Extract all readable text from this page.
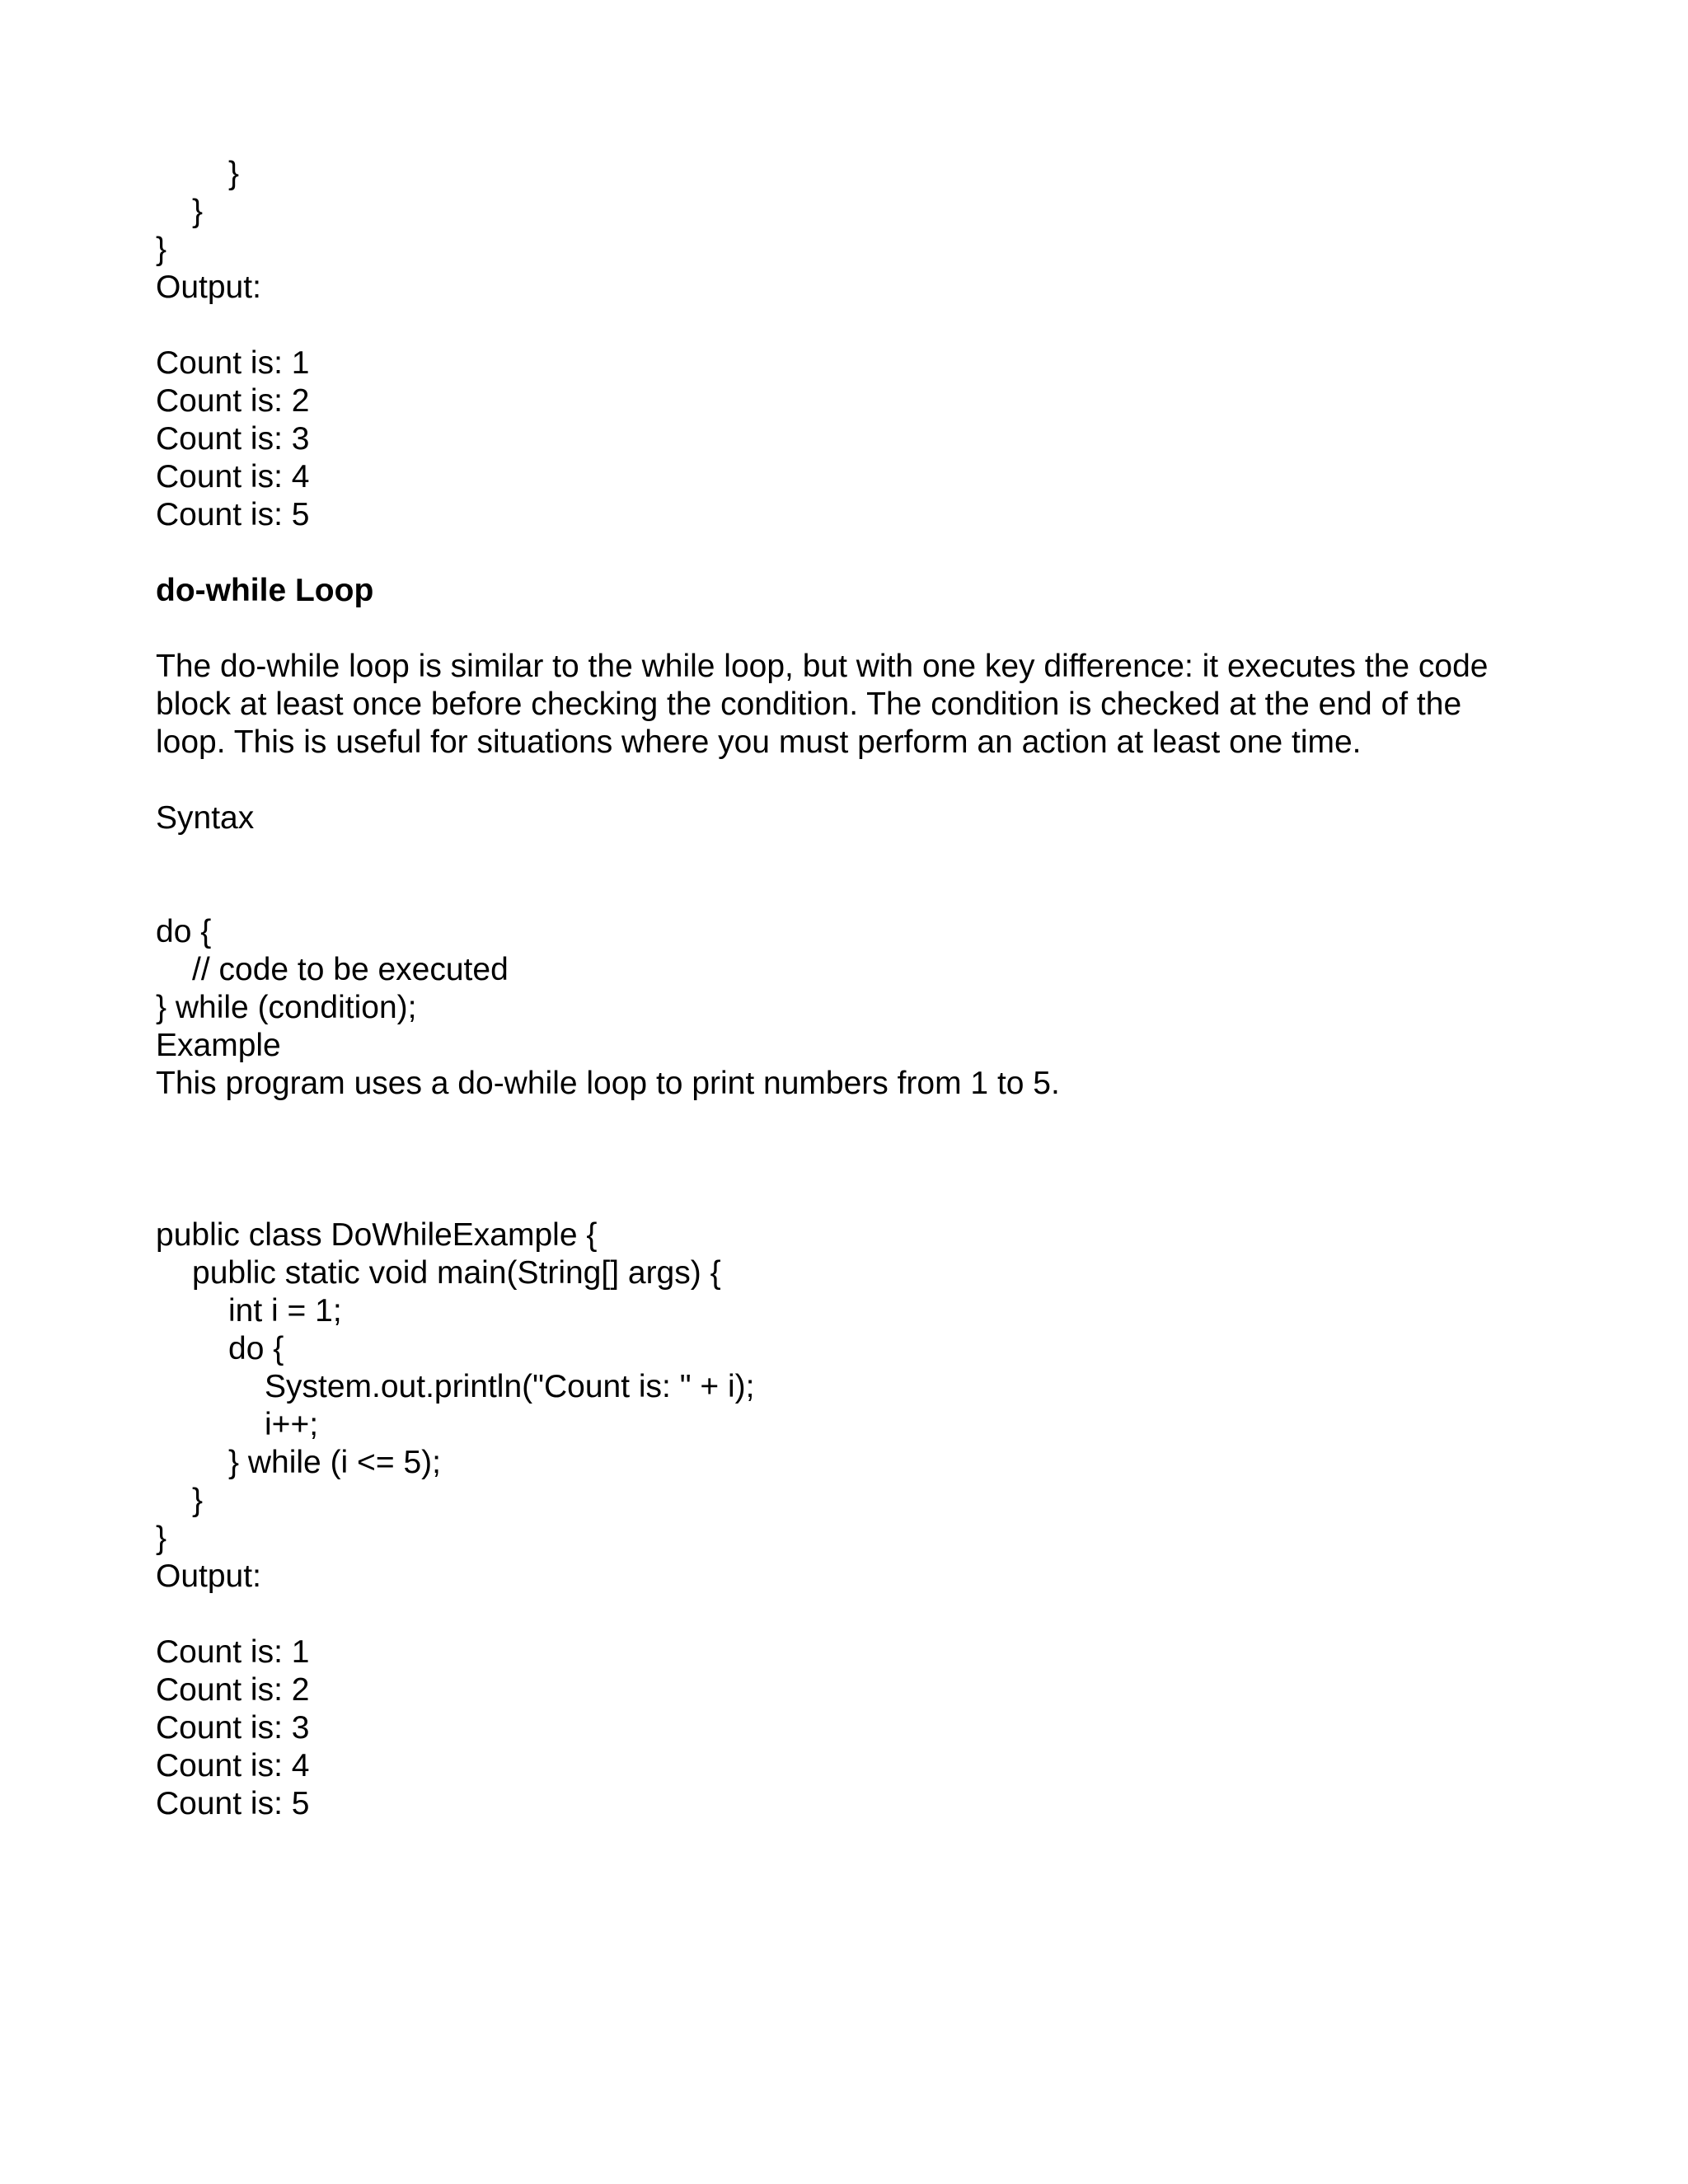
}
}
}
Output:
Count is: 1
Count is: 2
Count is: 3
Count is: 4
Count is: 5
do-while Loop
The do-while loop is similar to the while loop, but with one key difference: it executes the code
block at least once before checking the condition. The condition is checked at the end of the
loop. This is useful for situations where you must perform an action at least one time.
Syntax
do {
// code to be executed
} while (condition);
Example
This program uses a do-while loop to print numbers from 1 to 5.
public class DoWhileExample {
public static void main(String[] args) {
int i = 1;
do {
System.out.println("Count is: " + i);
i++;
} while (i <= 5);
}
}
Output:
Count is: 1
Count is: 2
Count is: 3
Count is: 4
Count is: 5
